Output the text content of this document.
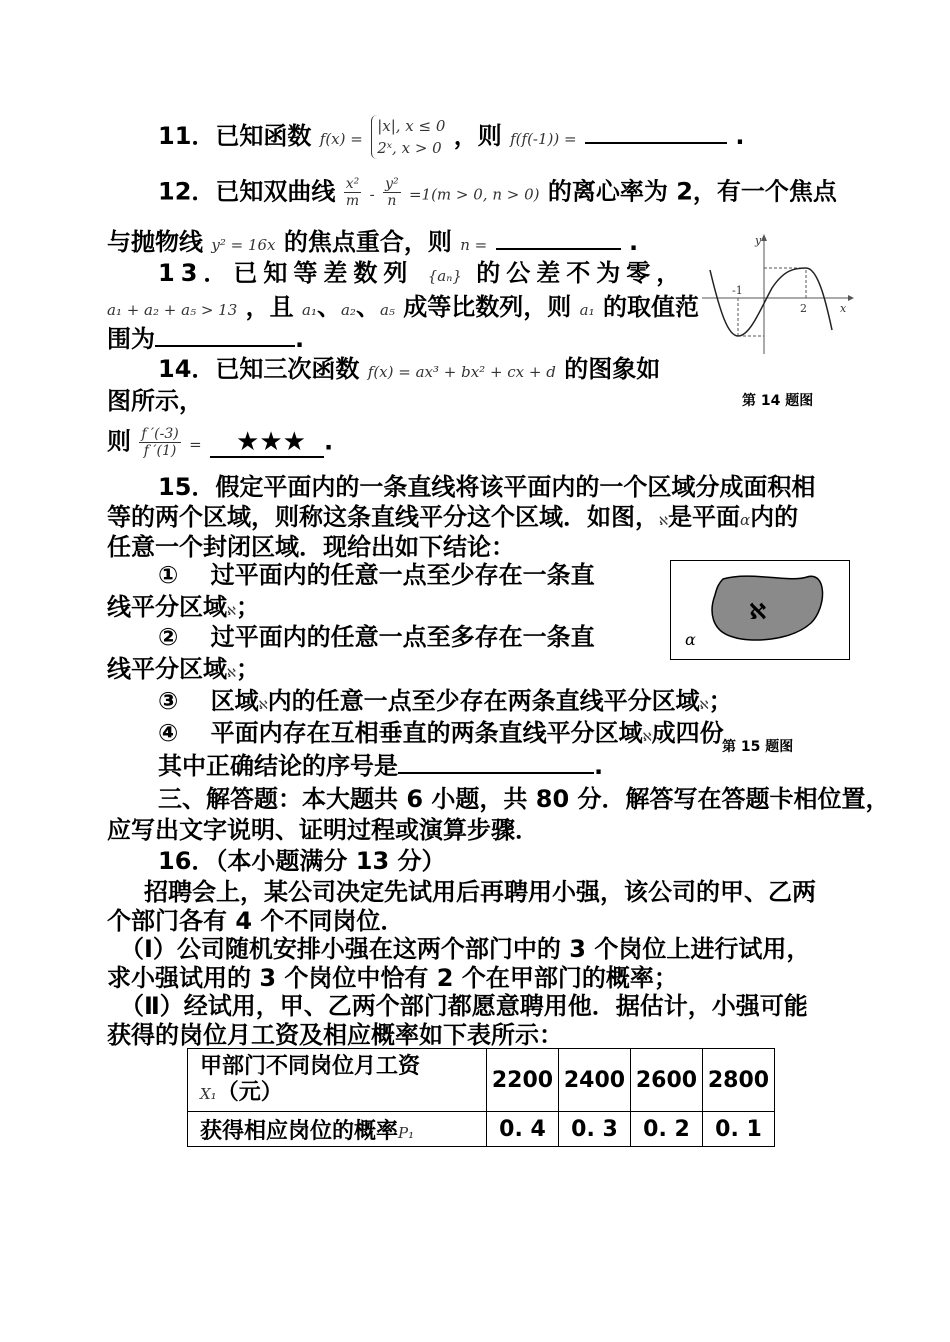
11．已知函数 f(x) =
|x|, x ≤ 0
2ˣ, x > 0 ，则 f(f(-1)) =	.
12．已知双曲线 $\frac{\text{x²}}{m} - \frac{\text{y²}}{n} =1(m > 0$, n > 0) 的离心率为 2，有一个焦点
与抛物线 y² = 16x 的焦点重合，则 n =	.
13．已知等差数列 {aₙ} 的公差不为零，
a₁ + a₂ + a₅ > 13 ，且 a₁、a₂、a₅ 成等比数列，则 a₁ 的取值范
围为	.
y
x
-1
2
第 14 题图
14．已知三次函数 f(x) = ax³ + bx² + cx + d 的图象如
图所示，
则 $\frac{f '(-3)}{f '(1)}$ = ★★★ .
15．假定平面内的一条直线将该平面内的一个区域分成面积相
等的两个区域，则称这条直线平分这个区域．如图，ℵ是平面α内的
任意一个封闭区域．现给出如下结论：
①　 过平面内的任意一点至少存在一条直
线平分区域ℵ；
②　 过平面内的任意一点至多存在一条直
线平分区域ℵ；
③　 区域ℵ内的任意一点至少存在两条直线平分区域ℵ；
④　 平面内存在互相垂直的两条直线平分区域ℵ成四份
其中正确结论的序号是	.
ℵ
α
第 15 题图
三、解答题：本大题共 6 小题，共 80 分．解答写在答题卡相位置，
应写出文字说明、证明过程或演算步骤．
16．（本小题满分 13 分）
招聘会上，某公司决定先试用后再聘用小强，该公司的甲、乙两
个部门各有 4 个不同岗位．
（Ⅰ）公司随机安排小强在这两个部门中的 3 个岗位上进行试用，
求小强试用的 3 个岗位中恰有 2 个在甲部门的概率；
（Ⅱ）经试用，甲、乙两个部门都愿意聘用他．据估计，小强可能
获得的岗位月工资及相应概率如下表所示：
甲部门不同岗位月工资
X₁（元）	2200	2400	2600	2800
获得相应岗位的概率P₁	0. 4	0. 3	0. 2	0. 1
